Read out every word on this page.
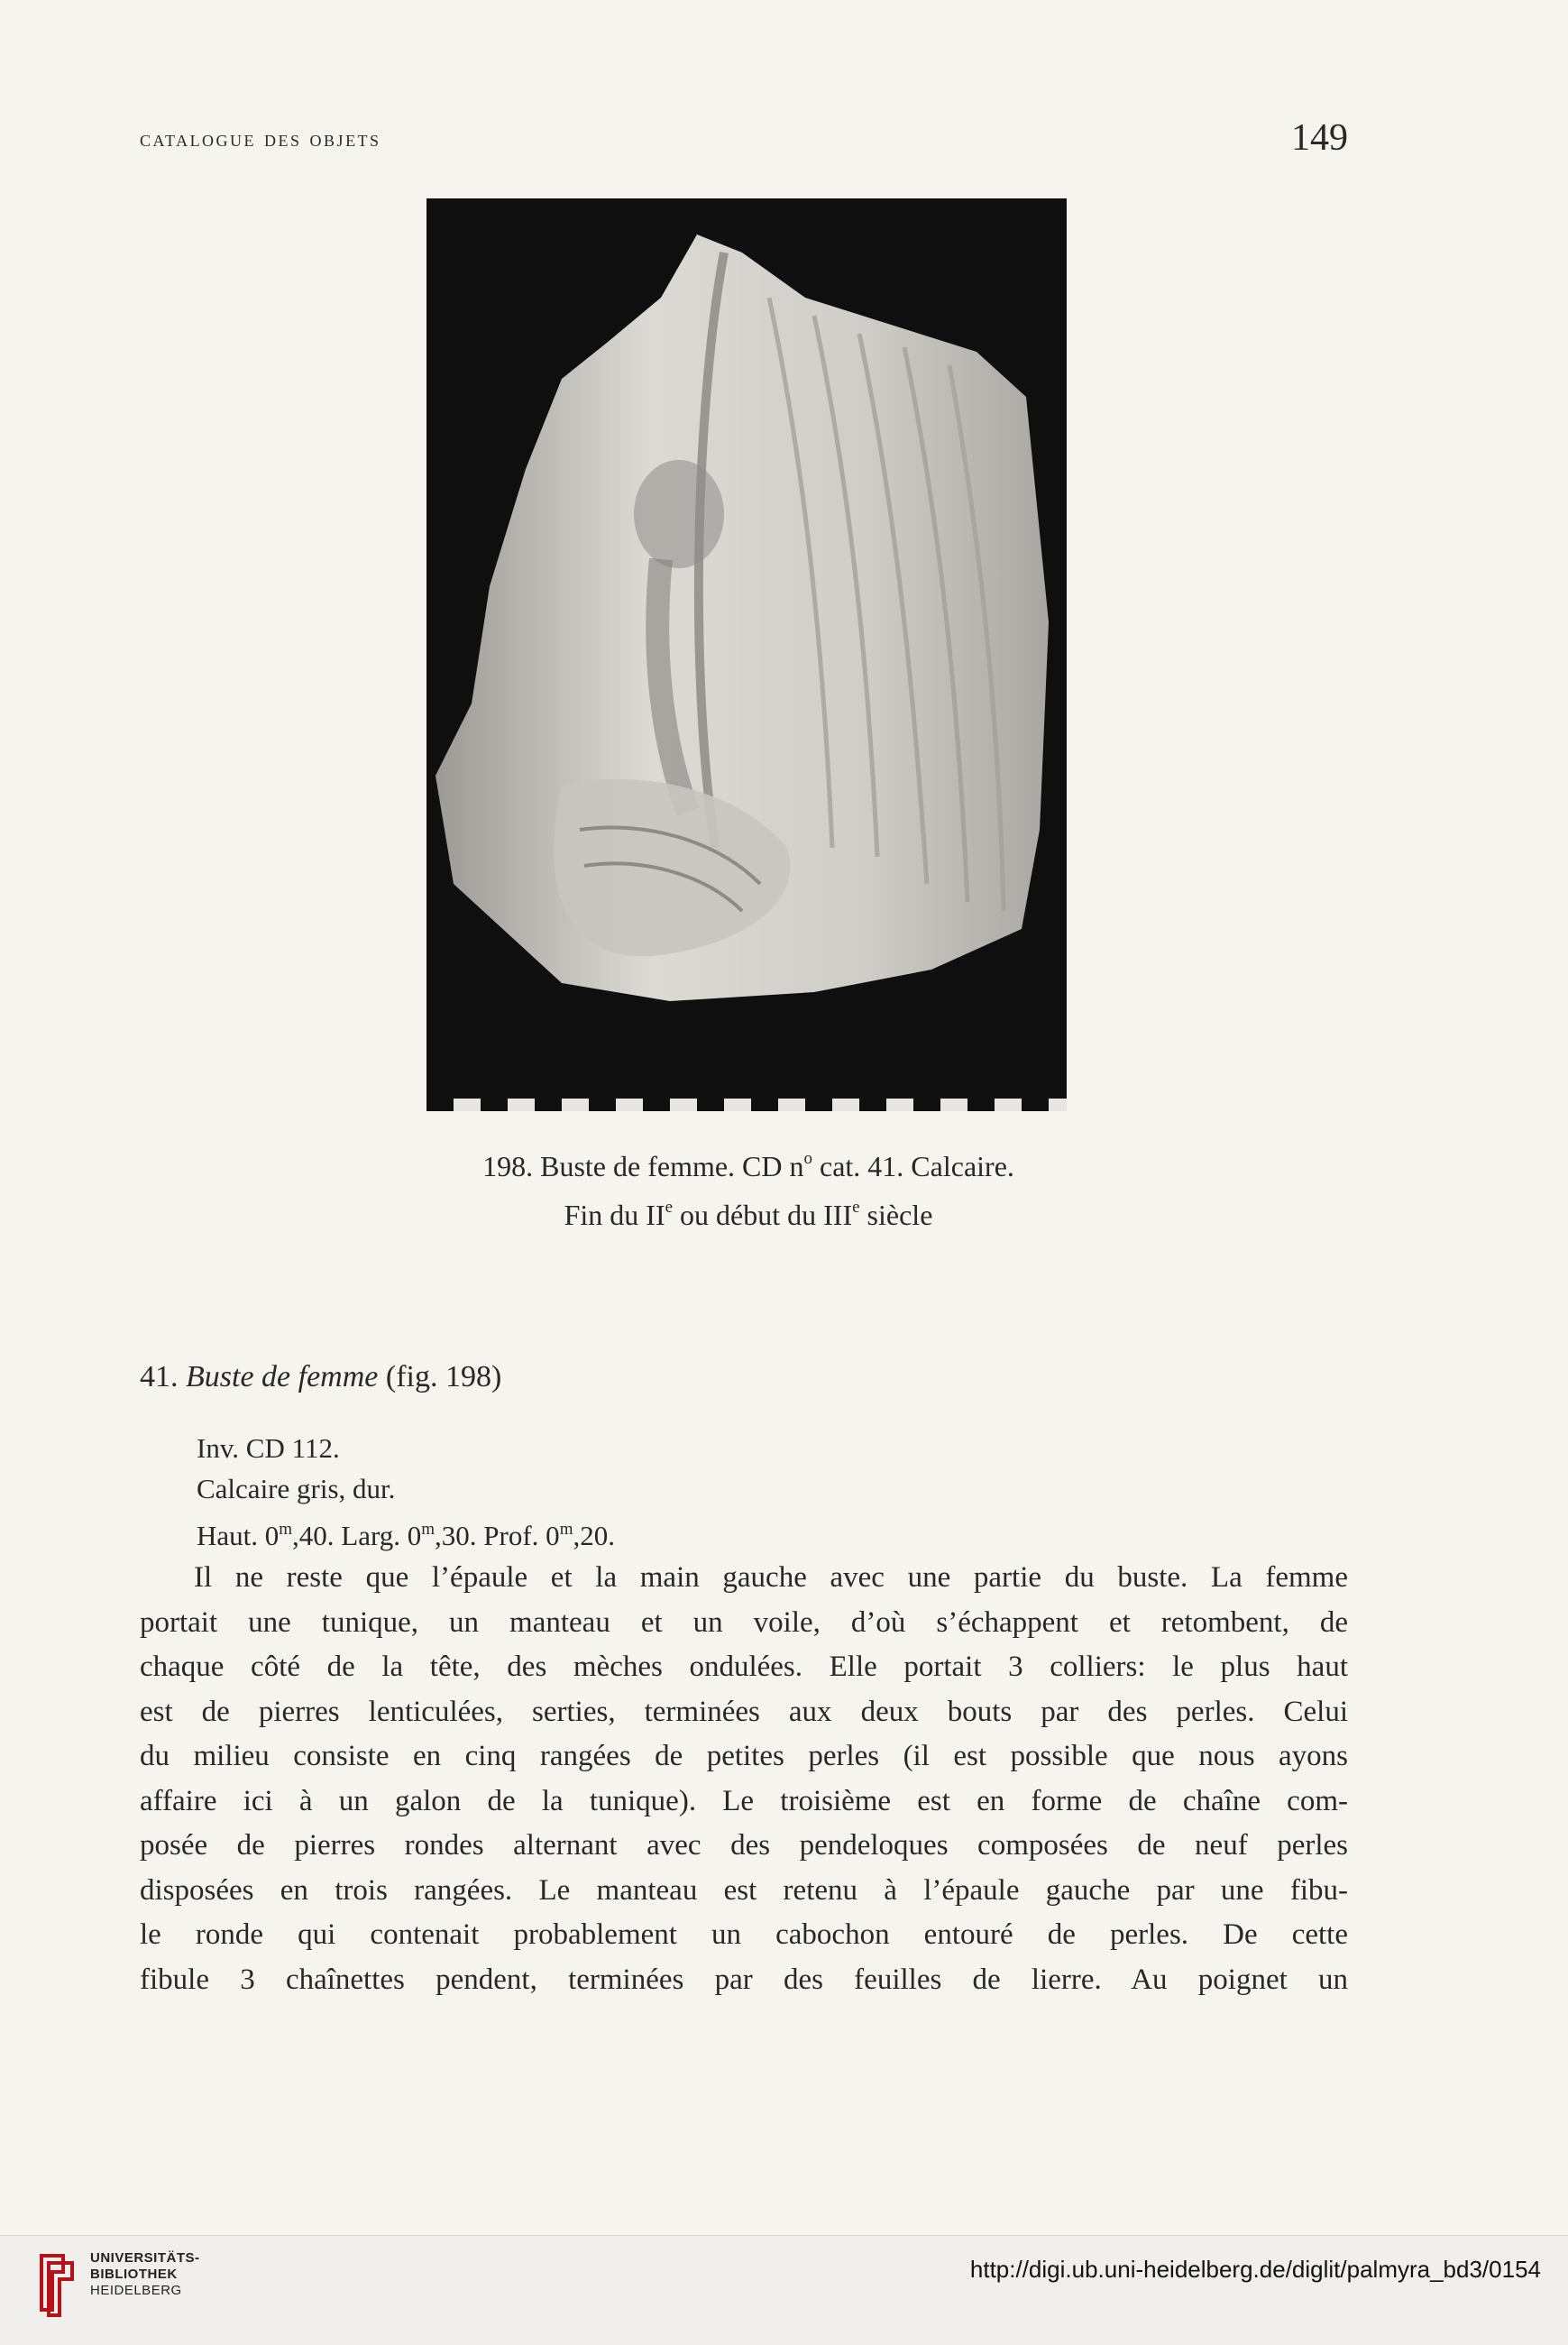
catalogue des objets	149
198. Buste de femme. CD $n^o$ cat. 41. Calcaire.
Fin du IIe ou début du IIIe siècle
41. Buste de femme (fig. 198)
Inv. CD 112.
Calcaire gris, dur.
Haut. 0$^m$,40. Larg. 0$^m$,30. Prof. 0$^m$,20.

Il ne reste que l’épaule et la main gauche avec une partie du buste. La femme

portait une tunique, un manteau et un voile, d’où s’échappent et retombent, de

chaque côté de la tête, des mèches ondulées. Elle portait 3 colliers: le plus haut

est de pierres lenticulées, serties, terminées aux deux bouts par des perles. Celui

du milieu consiste en cinq rangées de petites perles (il est possible que nous ayons

affaire ici à un galon de la tunique). Le troisième est en forme de chaîne com-

posée de pierres rondes alternant avec des pendeloques composées de neuf perles

disposées en trois rangées. Le manteau est retenu à l’épaule gauche par une fibu-

le ronde qui contenait probablement un cabochon entouré de perles. De cette

fibule 3 chaînettes pendent, terminées par des feuilles de lierre. Au poignet un

UNIVERSITÄTS-
BIBLIOTHEK
HEIDELBERG
http://digi.ub.uni-heidelberg.de/diglit/palmyra_bd3/0154
